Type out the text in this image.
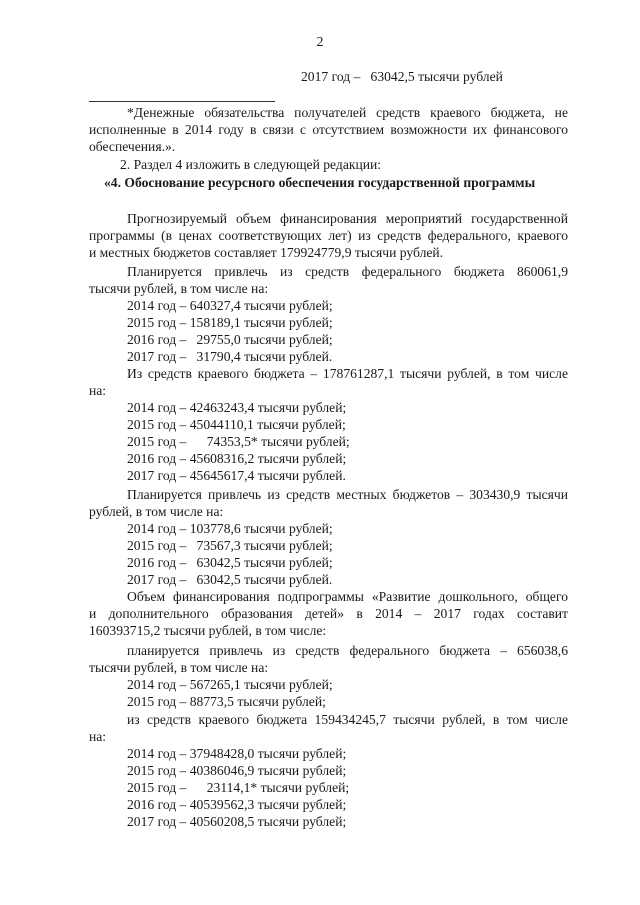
2

2017 год –   63042,5 тысячи рублей

*Денежные обязательства получателей средств краевого бюджета, не

исполненные в 2014 году в связи с отсутствием возможности их финансового

обеспечения.».

2. Раздел 4 изложить в следующей редакции:

«4. Обоснование ресурсного обеспечения государственной программы

Прогнозируемый объем финансирования мероприятий государственной

программы (в ценах соответствующих лет) из средств федерального, краевого

и местных бюджетов составляет 179924779,9 тысячи рублей.

Планируется привлечь из средств федерального бюджета 860061,9

тысячи рублей, в том числе на:

2014 год – 640327,4 тысячи рублей;

2015 год – 158189,1 тысячи рублей;

2016 год –   29755,0 тысячи рублей;

2017 год –   31790,4 тысячи рублей.

Из средств краевого бюджета – 178761287,1 тысячи рублей, в том числе

на:

2014 год – 42463243,4 тысячи рублей;

2015 год – 45044110,1 тысячи рублей;

2015 год –      74353,5* тысячи рублей;

2016 год – 45608316,2 тысячи рублей;

2017 год – 45645617,4 тысячи рублей.

Планируется привлечь из средств местных бюджетов – 303430,9 тысячи

рублей, в том числе на:

2014 год – 103778,6 тысячи рублей;

2015 год –   73567,3 тысячи рублей;

2016 год –   63042,5 тысячи рублей;

2017 год –   63042,5 тысячи рублей.

Объем финансирования подпрограммы «Развитие дошкольного, общего

и дополнительного образования детей» в 2014 – 2017 годах составит

160393715,2 тысячи рублей, в том числе:

планируется привлечь из средств федерального бюджета – 656038,6

тысячи рублей, в том числе на:

2014 год – 567265,1 тысячи рублей;

2015 год – 88773,5 тысячи рублей;

из средств краевого бюджета 159434245,7 тысячи рублей, в том числе

на:

2014 год – 37948428,0 тысячи рублей;

2015 год – 40386046,9 тысячи рублей;

2015 год –      23114,1* тысячи рублей;

2016 год – 40539562,3 тысячи рублей;

2017 год – 40560208,5 тысячи рублей;
